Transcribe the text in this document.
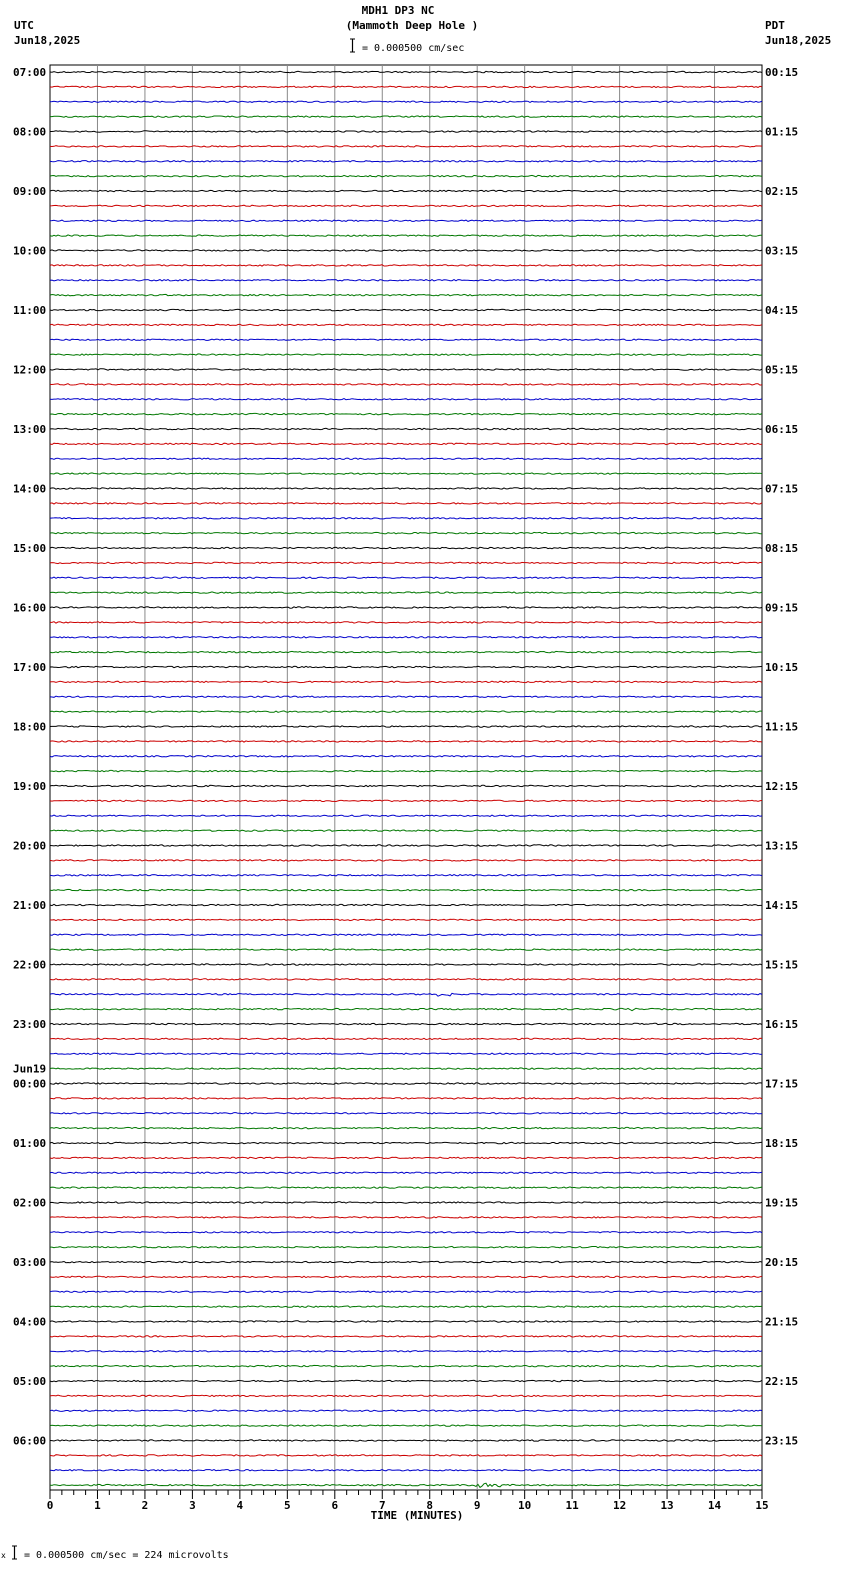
MDH1 DP3 NC
(Mammoth Deep Hole )
= 0.000500 cm/sec
UTC
Jun18,2025
PDT
Jun18,2025
07:00	00:15
08:00	01:15
09:00	02:15
10:00	03:15
11:00	04:15
12:00	05:15
13:00	06:15
14:00	07:15
15:00	08:15
16:00	09:15
17:00	10:15
18:00	11:15
19:00	12:15
20:00	13:15
21:00	14:15
22:00	15:15
23:00	16:15
00:00	17:15
01:00	18:15
02:00	19:15
03:00	20:15
04:00	21:15
05:00	22:15
06:00	23:15
Jun19
0	1	2	3	4	5	6	7	8	9	10	11	12	13	14	15
TIME (MINUTES)
x = 0.000500 cm/sec = 224 microvolts
